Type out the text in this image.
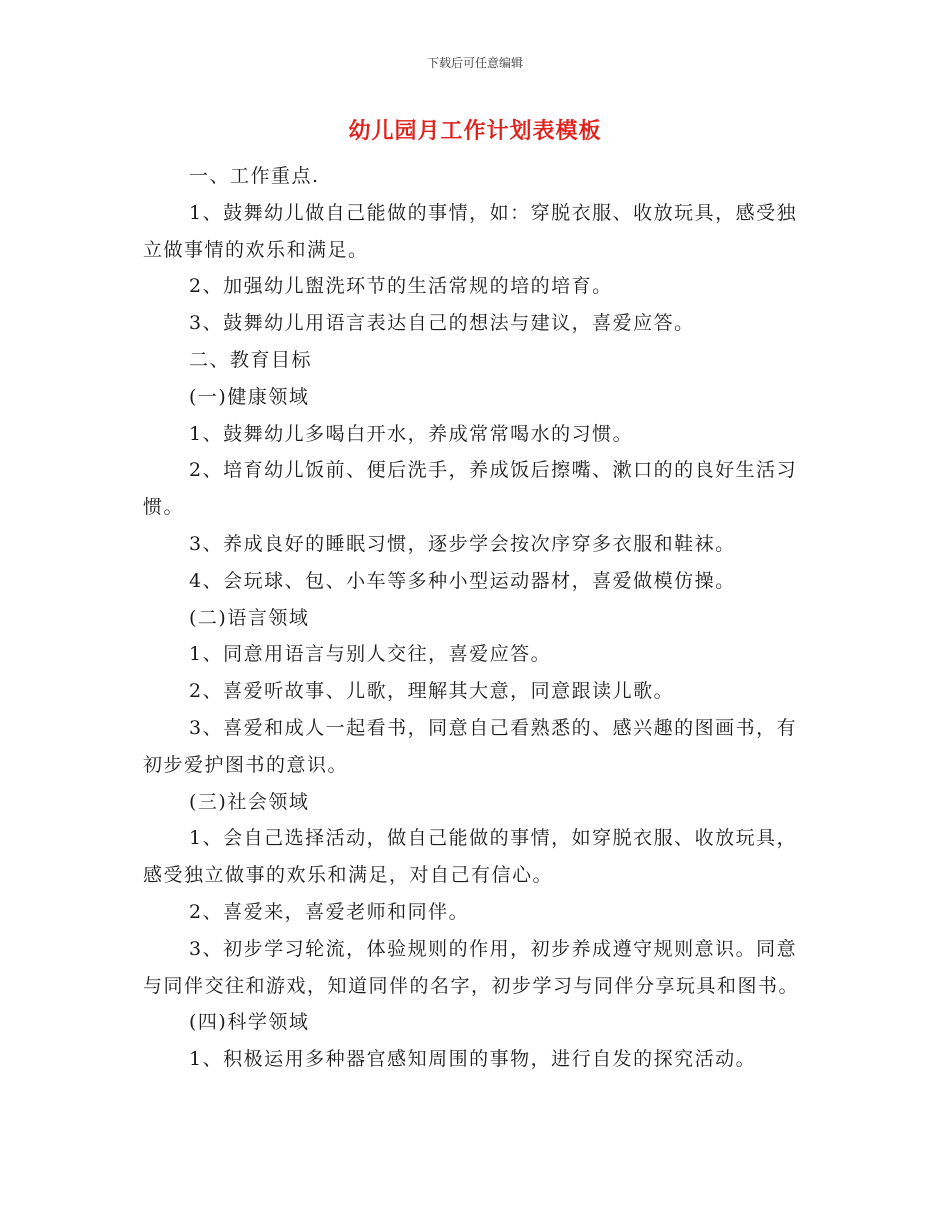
下载后可任意编辑
幼儿园月工作计划表模板

一、工作重点.

1、鼓舞幼儿做自己能做的事情，如：穿脱衣服、收放玩具，感受独立做事情的欢乐和满足。

2、加强幼儿盥洗环节的生活常规的培的培育。

3、鼓舞幼儿用语言表达自己的想法与建议，喜爱应答。

二、教育目标

(一)健康领域

1、鼓舞幼儿多喝白开水，养成常常喝水的习惯。

2、培育幼儿饭前、便后洗手，养成饭后擦嘴、漱口的的良好生活习惯。

3、养成良好的睡眠习惯，逐步学会按次序穿多衣服和鞋袜。

4、会玩球、包、小车等多种小型运动器材，喜爱做模仿操。

(二)语言领域

1、同意用语言与别人交往，喜爱应答。

2、喜爱听故事、儿歌，理解其大意，同意跟读儿歌。

3、喜爱和成人一起看书，同意自己看熟悉的、感兴趣的图画书，有初步爱护图书的意识。

(三)社会领域

1、会自己选择活动，做自己能做的事情，如穿脱衣服、收放玩具，感受独立做事的欢乐和满足，对自己有信心。

2、喜爱来，喜爱老师和同伴。

3、初步学习轮流，体验规则的作用，初步养成遵守规则意识。同意与同伴交往和游戏，知道同伴的名字，初步学习与同伴分享玩具和图书。

(四)科学领域

1、积极运用多种器官感知周围的事物，进行自发的探究活动。
